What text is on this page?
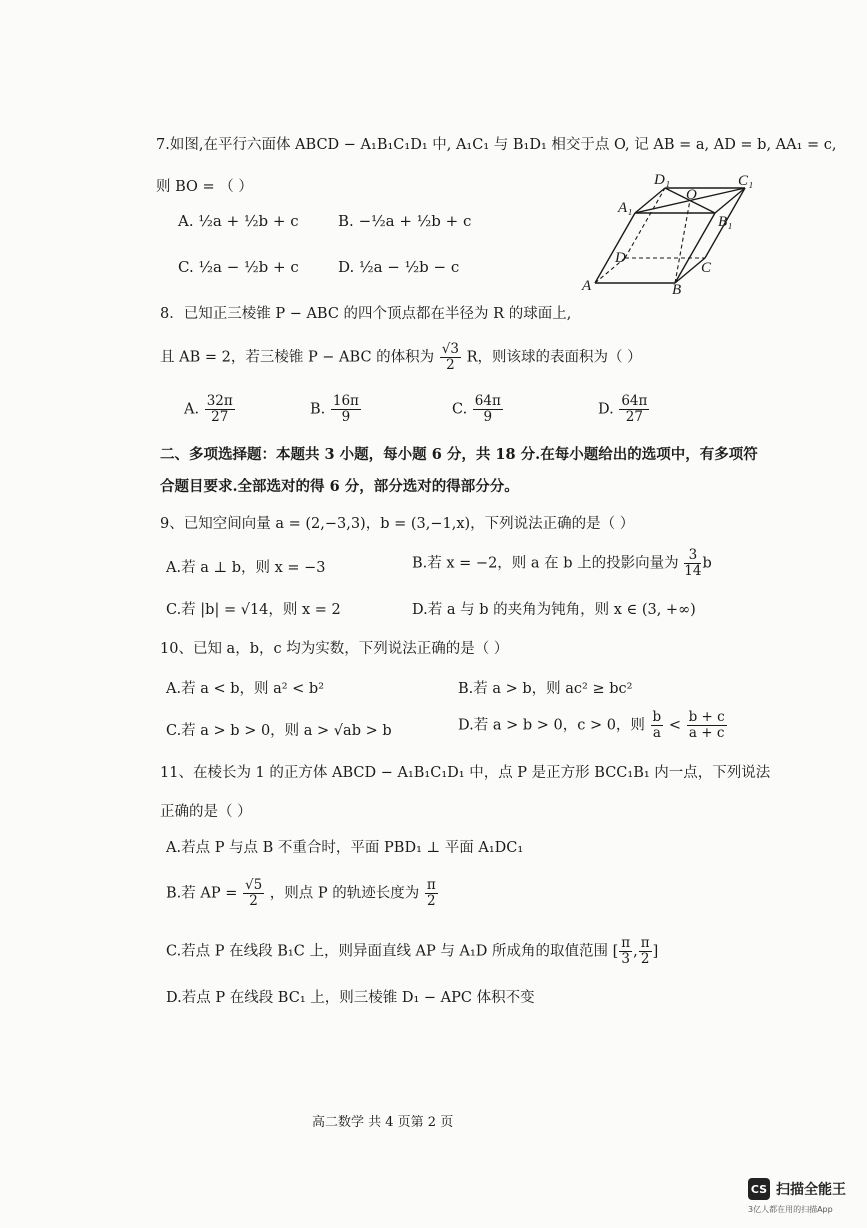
7.如图,在平行六面体 ABCD − A₁B₁C₁D₁ 中, A₁C₁ 与 B₁D₁ 相交于点 O, 记 AB = a, AD = b, AA₁ = c,
则 BO = （ ）
A. ½a + ½b + c	B. −½a + ½b + c
C. ½a − ½b + c	D. ½a − ½b − c
D₁	C₁
A₁
O
B₁
D
C
A	B
8．已知正三棱锥 P − ABC 的四个顶点都在半径为 R 的球面上,
且 AB = 2，若三棱锥 P − ABC 的体积为 $\frac{√3}{2}$ R，则该球的表面积为（ ）
A. $\frac{32\pi}{27}$	B. $\frac{16\pi}{9}$	C. $\frac{64\pi}{9}$	D. $\frac{64\pi}{27}$
二、多项选择题：本题共 3 小题，每小题 6 分，共 18 分.在每小题给出的选项中，有多项符
合题目要求.全部选对的得 6 分，部分选对的得部分分。
9、已知空间向量 a = (2,−3,3)，b = (3,−1,x)，下列说法正确的是（ ）
A.若 a ⊥ b，则 x = −3	B.若 x = −2，则 a 在 b 上的投影向量为 $\frac{3}{14}$ b
C.若 |b| = √14，则 x = 2	D.若 a 与 b 的夹角为钝角，则 x ∈ (3, +∞)
10、已知 a，b，c 均为实数，下列说法正确的是（ ）
A.若 a < b，则 a² < b²	B.若 a > b，则 ac² ≥ bc²
C.若 a > b > 0，则 a > √ab > b	D.若 a > b > 0，c > 0，则 $\frac{b}{a} < \frac{b + c}{a + c}$
11、在棱长为 1 的正方体 ABCD − A₁B₁C₁D₁ 中，点 P 是正方形 BCC₁B₁ 内一点，下列说法
正确的是（ ）
A.若点 P 与点 B 不重合时，平面 PBD₁ ⊥ 平面 A₁DC₁
B.若 AP = $\frac{√5}{2}$ ，则点 P 的轨迹长度为 $\frac{\pi}{2}$
C.若点 P 在线段 B₁C 上，则异面直线 AP 与 A₁D 所成角的取值范围 [ $\frac{\pi}{3}$ , $\frac{\pi}{2}$ ]
D.若点 P 在线段 BC₁ 上，则三棱锥 D₁ − APC 体积不变
高二数学 共 4 页第 2 页
CS 扫描全能王
3亿人都在用的扫描App
